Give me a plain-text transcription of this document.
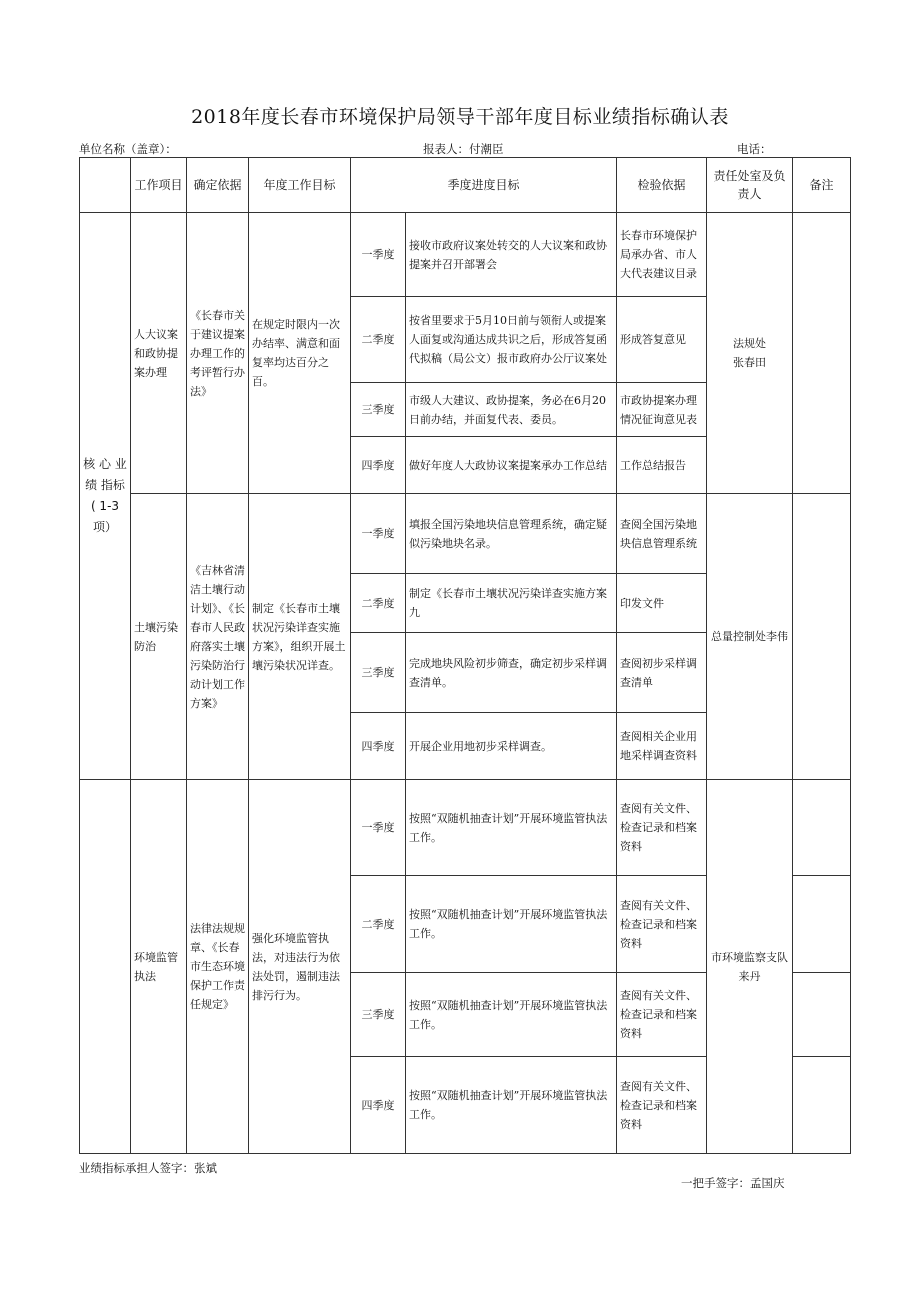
2018年度长春市环境保护局领导干部年度目标业绩指标确认表
单位名称（盖章）：	报表人：付潮臣	电话：
	工作项目	确定依据	年度工作目标	季度进度目标		检验依据	责任处室及负责人	备注
核 心 业 绩 指标( 1-3 项）	人大议案和政协提案办理	《长春市关于建议提案办理工作的考评暂行办法》	在规定时限内一次办结率、满意和面复率均达百分之百。	一季度	接收市政府议案处转交的人大议案和政协提案并召开部署会	长春市环境保护局承办省、市人大代表建议目录	法规处
张春田	
				二季度	按省里要求于5月10日前与领衔人或提案人面复或沟通达成共识之后，形成答复函代拟稿（局公文）报市政府办公厅议案处	形成答复意见		
				三季度	市级人大建议、政协提案，务必在6月20日前办结，并面复代表、委员。	市政协提案办理情况征询意见表		
				四季度	做好年度人大政协议案提案承办工作总结	工作总结报告		
	土壤污染防治	《吉林省清洁土壤行动计划》、《长春市人民政府落实土壤污染防治行动计划工作方案》	制定《长春市土壤状况污染详查实施方案》，组织开展土壤污染状况详查。	一季度	填报全国污染地块信息管理系统，确定疑似污染地块名录。	查阅全国污染地块信息管理系统	总量控制处李伟	
				二季度	制定《长春市土壤状况污染详查实施方案九	印发文件		
				三季度	完成地块风险初步筛查，确定初步采样调查清单。	查阅初步采样调查清单		
				四季度	开展企业用地初步采样调查。	查阅相关企业用地采样调查资料		
	环境监管执法	法律法规规章、《长春市生态环境保护工作责任规定》	强化环境监管执法，对违法行为依法处罚，遏制违法排污行为。	一季度	按照“双随机抽查计划”开展环境监管执法工作。	查阅有关文件、检查记录和档案资料	市环境监察支队来丹	
				二季度	按照“双随机抽查计划”开展环境监管执法工作。	查阅有关文件、检查记录和档案资料		
				三季度	按照“双随机抽查计划”开展环境监管执法工作。	查阅有关文件、检查记录和档案资料		
				四季度	按照“双随机抽查计划”开展环境监管执法工作。	查阅有关文件、检查记录和档案资料		
业绩指标承担人签字：张斌
一把手签字：孟国庆
